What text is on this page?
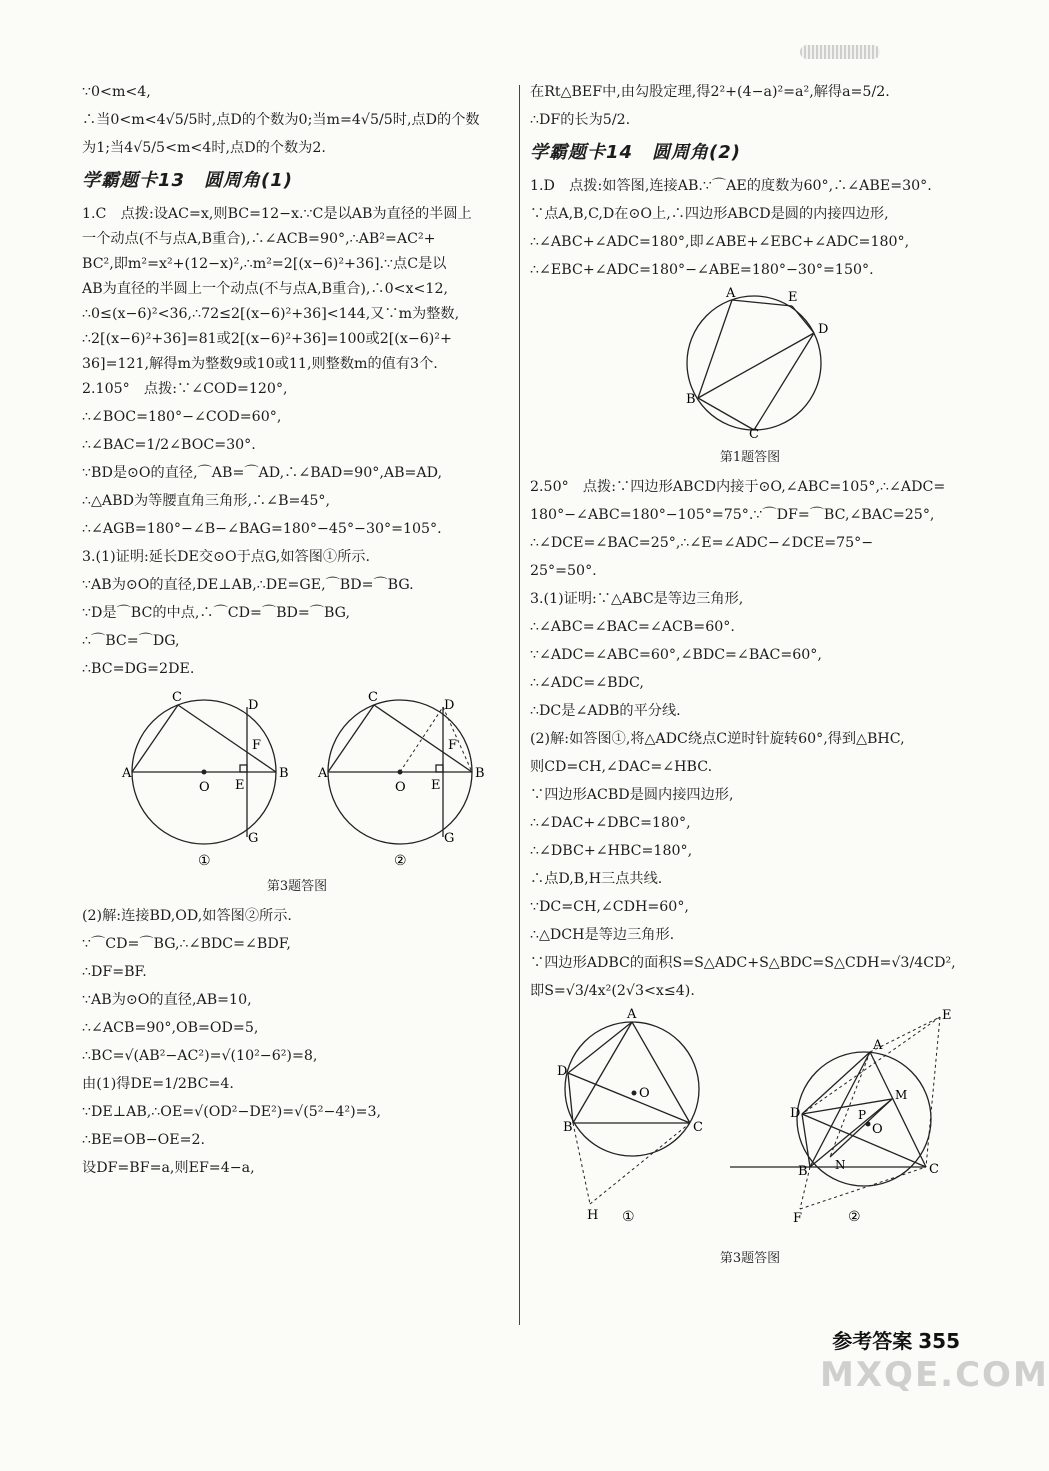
∵0<m<4,

∴当0<m<4√5/5时,点D的个数为0;当m=4√5/5时,点D的个数

为1;当4√5/5<m<4时,点D的个数为2.

学霸题卡13　圆周角(1)

1.C　点拨:设AC=x,则BC=12−x.∵C是以AB为直径的半圆上

一个动点(不与点A,B重合),∴∠ACB=90°,∴AB²=AC²+

BC²,即m²=x²+(12−x)²,∴m²=2[(x−6)²+36].∵点C是以

AB为直径的半圆上一个动点(不与点A,B重合),∴0<x<12,

∴0≤(x−6)²<36,∴72≤2[(x−6)²+36]<144,又∵m为整数,

∴2[(x−6)²+36]=81或2[(x−6)²+36]=100或2[(x−6)²+

36]=121,解得m为整数9或10或11,则整数m的值有3个.

2.105°　点拨:∵∠COD=120°,

∴∠BOC=180°−∠COD=60°,

∴∠BAC=1/2∠BOC=30°.

∵BD是⊙O的直径,⌒AB=⌒AD,∴∠BAD=90°,AB=AD,

∴△ABD为等腰直角三角形,∴∠B=45°,

∴∠AGB=180°−∠B−∠BAG=180°−45°−30°=105°.

3.(1)证明:延长DE交⊙O于点G,如答图①所示.

∵AB为⊙O的直径,DE⊥AB,∴DE=GE,⌒BD=⌒BG.

∵D是⌒BC的中点,∴⌒CD=⌒BD=⌒BG,

∴⌒BC=⌒DG,

∴BC=DG=2DE.

A
C
D
F
B
O E
G
①
A
C
D
F
B
O E
G
②
第3题答图

(2)解:连接BD,OD,如答图②所示.

∵⌒CD=⌒BG,∴∠BDC=∠BDF,

∴DF=BF.

∵AB为⊙O的直径,AB=10,

∴∠ACB=90°,OB=OD=5,

∴BC=√(AB²−AC²)=√(10²−6²)=8,

由(1)得DE=1/2BC=4.

∵DE⊥AB,∴OE=√(OD²−DE²)=√(5²−4²)=3,

∴BE=OB−OE=2.

设DF=BF=a,则EF=4−a,

在Rt△BEF中,由勾股定理,得2²+(4−a)²=a²,解得a=5/2.

∴DF的长为5/2.

学霸题卡14　圆周角(2)

1.D　点拨:如答图,连接AB.∵⌒AE的度数为60°,∴∠ABE=30°.

∵点A,B,C,D在⊙O上,∴四边形ABCD是圆的内接四边形,

∴∠ABC+∠ADC=180°,即∠ABE+∠EBC+∠ADC=180°,

∴∠EBC+∠ADC=180°−∠ABE=180°−30°=150°.

A	E
D
B
C
第1题答图

2.50°　点拨:∵四边形ABCD内接于⊙O,∠ABC=105°,∴∠ADC=

180°−∠ABC=180°−105°=75°.∵⌒DF=⌒BC,∠BAC=25°,

∴∠DCE=∠BAC=25°,∴∠E=∠ADC−∠DCE=75°−

25°=50°.

3.(1)证明:∵△ABC是等边三角形,

∴∠ABC=∠BAC=∠ACB=60°.

∵∠ADC=∠ABC=60°,∠BDC=∠BAC=60°,

∴∠ADC=∠BDC,

∴DC是∠ADB的平分线.

(2)解:如答图①,将△ADC绕点C逆时针旋转60°,得到△BHC,

则CD=CH,∠DAC=∠HBC.

∵四边形ACBD是圆内接四边形,

∴∠DAC+∠DBC=180°,

∴∠DBC+∠HBC=180°,

∴点D,B,H三点共线.

∵DC=CH,∠CDH=60°,

∴△DCH是等边三角形.

∵四边形ADBC的面积S=S△ADC+S△BDC=S△CDH=√3/4CD²,

即S=√3/4x²(2√3<x≤4).

A
D
O
B	C
H ①
A
E
M
D	P
O
B N	C
F	②
第3题答图
参考答案 355
MXQE.COM
